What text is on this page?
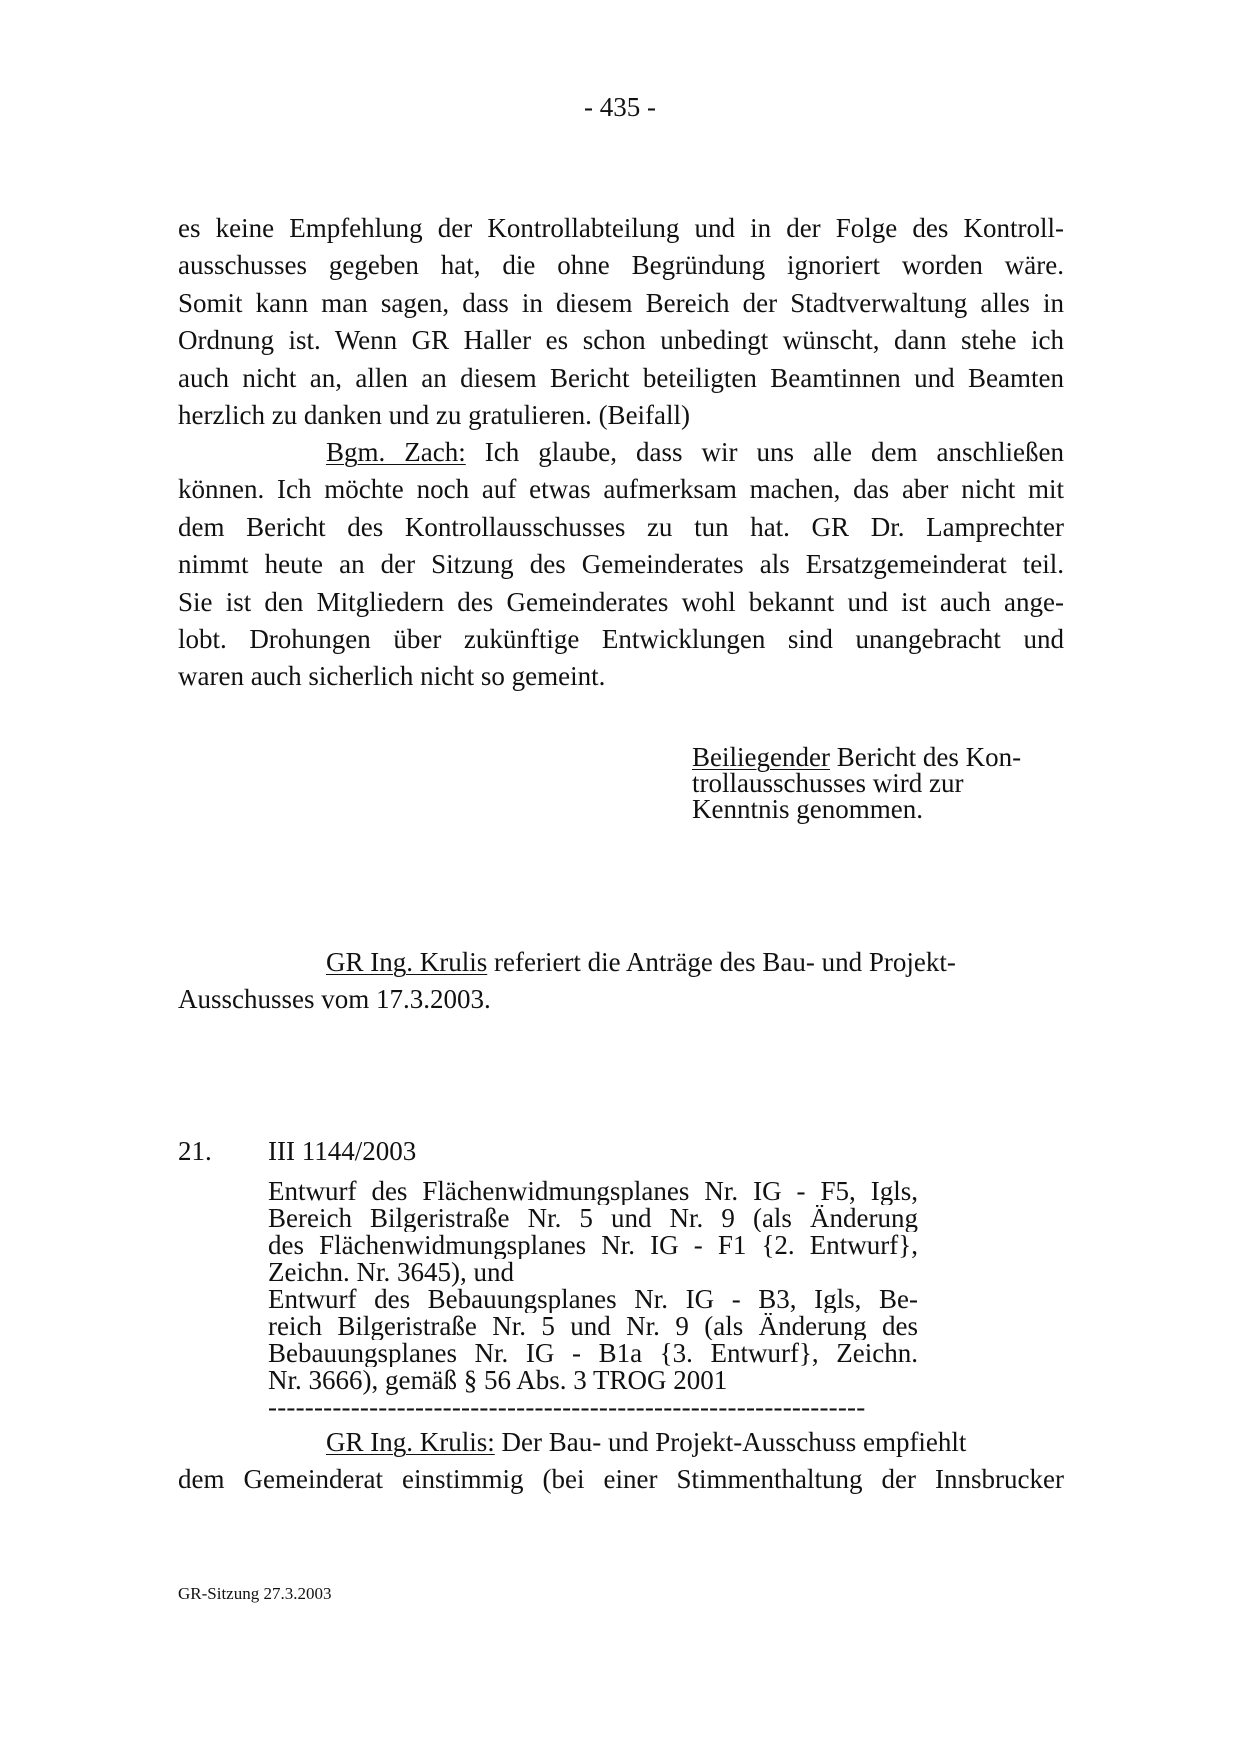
- 435 -
es keine Empfehlung der Kontrollabteilung und in der Folge des Kontroll-
ausschusses gegeben hat, die ohne Begründung ignoriert worden wäre.
Somit kann man sagen, dass in diesem Bereich der Stadtverwaltung alles in
Ordnung ist. Wenn GR Haller es schon unbedingt wünscht, dann stehe ich
auch nicht an, allen an diesem Bericht beteiligten Beamtinnen und Beamten
herzlich zu danken und zu gratulieren. (Beifall)
Bgm. Zach: Ich glaube, dass wir uns alle dem anschließen
können. Ich möchte noch auf etwas aufmerksam machen, das aber nicht mit
dem Bericht des Kontrollausschusses zu tun hat. GR Dr. Lamprechter
nimmt heute an der Sitzung des Gemeinderates als Ersatzgemeinderat teil.
Sie ist den Mitgliedern des Gemeinderates wohl bekannt und ist auch ange-
lobt. Drohungen über zukünftige Entwicklungen sind unangebracht und
waren auch sicherlich nicht so gemeint.
Beiliegender Bericht des Kon-
trollausschusses wird zur
Kenntnis genommen.
GR Ing. Krulis referiert die Anträge des Bau- und Projekt-
Ausschusses vom 17.3.2003.
21. III 1144/2003
Entwurf des Flächenwidmungsplanes Nr. IG - F5, Igls,
Bereich Bilgeristraße Nr. 5 und Nr. 9 (als Änderung
des Flächenwidmungsplanes Nr. IG - F1 {2. Entwurf},
Zeichn. Nr. 3645), und
Entwurf des Bebauungsplanes Nr. IG - B3, Igls, Be-
reich Bilgeristraße Nr. 5 und Nr. 9 (als Änderung des
Bebauungsplanes Nr. IG - B1a {3. Entwurf}, Zeichn.
Nr. 3666), gemäß § 56 Abs. 3 TROG 2001
-----------------------------------------------------------------
GR Ing. Krulis: Der Bau- und Projekt-Ausschuss empfiehlt
dem Gemeinderat einstimmig (bei einer Stimmenthaltung der Innsbrucker
GR-Sitzung 27.3.2003
